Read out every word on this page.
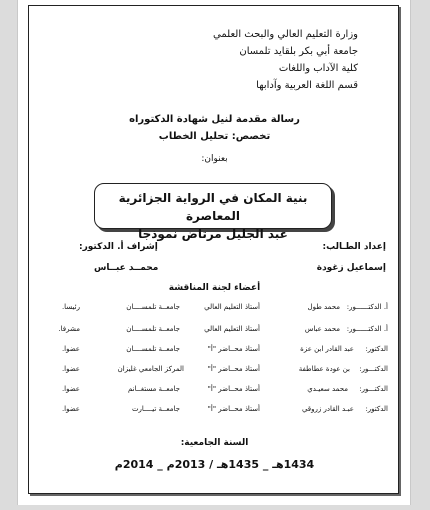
وزارة التعليم العالي والبحث العلمي
جامعة أبي بكر بلقايد تلمسان
كلية الآداب واللغات
قسم اللغة العربية وآدابها
رسالة مقدمة لنيل شهادة الدكتوراه
تخصص: تحليل الخطاب
بعنوان:
بنية المكان في الرواية الجزائرية المعاصرة
عبد الجليل مرتاض نموذجا
إعداد الطـالب:
إشراف أ. الدكتور:
إسماعيل زغودة
محمــد عبــاس
أعضاء لجنة المناقشة
أ. الدكتــــــور:
محمد طول
أستاذ التعليم العالي
جامعــة تلمســــان
رئيسا.
أ. الدكتــــــور:
محمد عباس
أستاذ التعليم العالي
جامعــة تلمســــان
مشرفا.
الدكتور:
عبد القادر ابن عزة
أستاذ محــاضر "أ"
جامعــة تلمســــان
عضوا.
الدكتـــور:
بن عودة عطاطفة
أستاذ محــاضر "أ"
المركز الجامعي غليزان
عضوا.
الدكتـــور:
محمد سعيـدي
أستاذ محــاضر "أ"
جامعــة مستغــانم
عضوا.
الدكتور:
عبـد القادر زروقي
أستاذ محــاضر "أ"
جامعــة تيــــارت
عضوا.
السنة الجامعية:
1434هـ _ 1435هـ / 2013م _ 2014م
